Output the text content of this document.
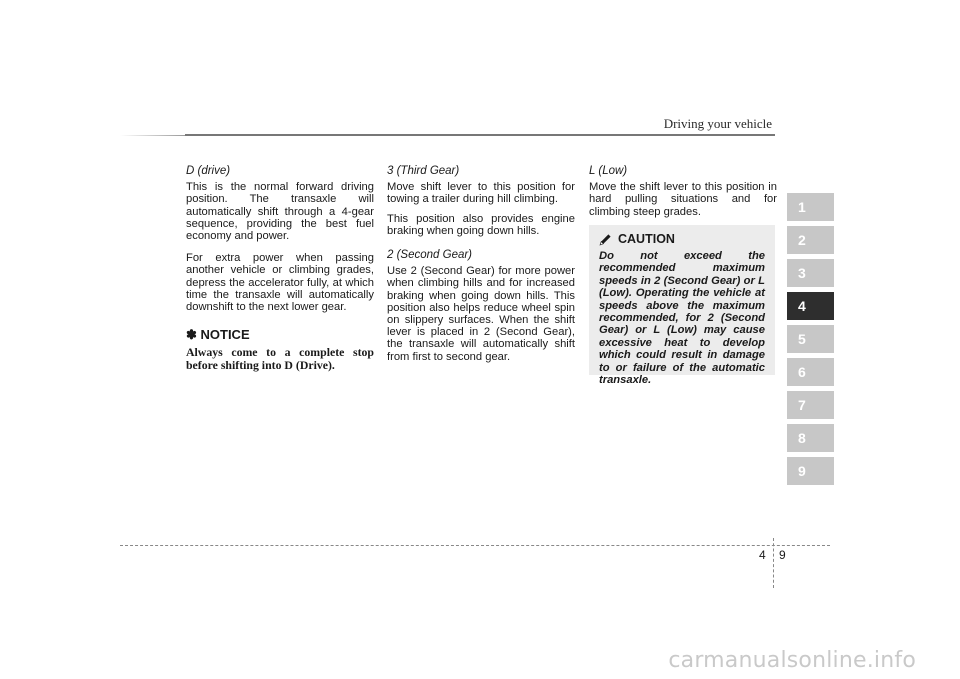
Driving your vehicle
D (drive)

This is the normal forward driving position. The transaxle will automatically shift through a 4-gear sequence, providing the best fuel economy and power.

For extra power when passing another vehicle or climbing grades, depress the accelerator fully, at which time the transaxle will automatically downshift to the next lower gear.

✽ NOTICE
Always come to a complete stop before shifting into D (Drive).
3 (Third Gear)

Move shift lever to this position for towing a trailer during hill climbing.

This position also provides engine braking when going down hills.

2 (Second Gear)

Use 2 (Second Gear) for more power when climbing hills and for increased braking when going down hills. This position also helps reduce wheel spin on slippery surfaces. When the shift lever is placed in 2 (Second Gear), the transaxle will automatically shift from first to second gear.

L (Low)

Move the shift lever to this position in hard pulling situations and for climbing steep grades.

CAUTION

Do not exceed the recommended maximum speeds in 2 (Second Gear) or L (Low). Operating the vehicle at speeds above the maximum recommended, for 2 (Second Gear) or L (Low) may cause excessive heat to develop which could result in damage to or failure of the automatic transaxle.

1
2
3
4
5
6
7
8
9
4 9
carmanualsonline.info
